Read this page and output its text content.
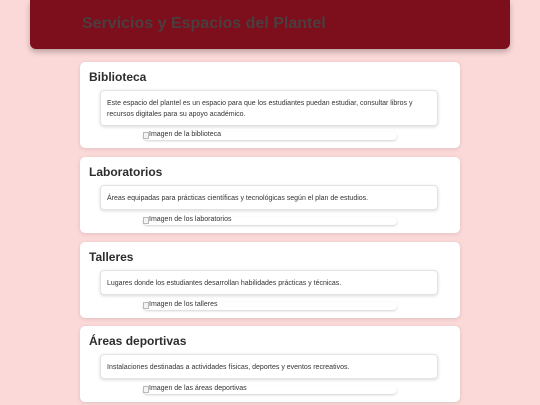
Servicios y Espacios del Plantel
Biblioteca
Este espacio del plantel es un espacio para que los estudiantes puedan estudiar, consultar libros y recursos digitales para su apoyo académico.
Imagen de la biblioteca
Laboratorios
Áreas equipadas para prácticas científicas y tecnológicas según el plan de estudios.
Imagen de los laboratorios
Talleres
Lugares donde los estudiantes desarrollan habilidades prácticas y técnicas.
Imagen de los talleres
Áreas deportivas
Instalaciones destinadas a actividades físicas, deportes y eventos recreativos.
Imagen de las áreas deportivas
